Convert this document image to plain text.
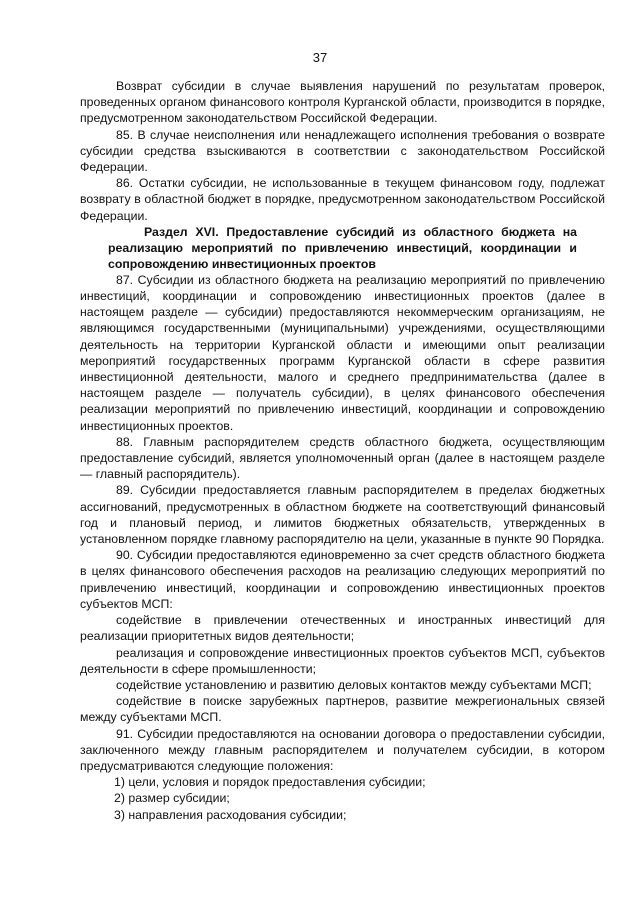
37

Возврат субсидии в случае выявления нарушений по результатам проверок, проведенных органом финансового контроля Курганской области, производится в порядке, предусмотренном законодательством Российской Федерации.

85. В случае неисполнения или ненадлежащего исполнения требования о возврате субсидии средства взыскиваются в соответствии с законодательством Российской Федерации.

86. Остатки субсидии, не использованные в текущем финансовом году, подлежат возврату в областной бюджет в порядке, предусмотренном законодательством Российской Федерации.

Раздел XVI. Предоставление субсидий из областного бюджета на реализацию мероприятий по привлечению инвестиций, координации и сопровождению инвестиционных проектов

87. Субсидии из областного бюджета на реализацию мероприятий по привлечению инвестиций, координации и сопровождению инвестиционных проектов (далее в настоящем разделе — субсидии) предоставляются некоммерческим организациям, не являющимся государственными (муниципальными) учреждениями, осуществляющими деятельность на территории Курганской области и имеющими опыт реализации мероприятий государственных программ Курганской области в сфере развития инвестиционной деятельности, малого и среднего предпринимательства (далее в настоящем разделе — получатель субсидии), в целях финансового обеспечения реализации мероприятий по привлечению инвестиций, координации и сопровождению инвестиционных проектов.

88. Главным распорядителем средств областного бюджета, осуществляющим предоставление субсидий, является уполномоченный орган (далее в настоящем разделе — главный распорядитель).

89. Субсидии предоставляется главным распорядителем в пределах бюджетных ассигнований, предусмотренных в областном бюджете на соответствующий финансовый год и плановый период, и лимитов бюджетных обязательств, утвержденных в установленном порядке главному распорядителю на цели, указанные в пункте 90 Порядка.

90. Субсидии предоставляются единовременно за счет средств областного бюджета в целях финансового обеспечения расходов на реализацию следующих мероприятий по привлечению инвестиций, координации и сопровождению инвестиционных проектов субъектов МСП:

содействие в привлечении отечественных и иностранных инвестиций для реализации приоритетных видов деятельности;

реализация и сопровождение инвестиционных проектов субъектов МСП, субъектов деятельности в сфере промышленности;

содействие установлению и развитию деловых контактов между субъектами МСП;

содействие в поиске зарубежных партнеров, развитие межрегиональных связей между субъектами МСП.

91. Субсидии предоставляются на основании договора о предоставлении субсидии, заключенного между главным распорядителем и получателем субсидии, в котором предусматриваются следующие положения:

1) цели, условия и порядок предоставления субсидии;

2) размер субсидии;

3) направления расходования субсидии;
